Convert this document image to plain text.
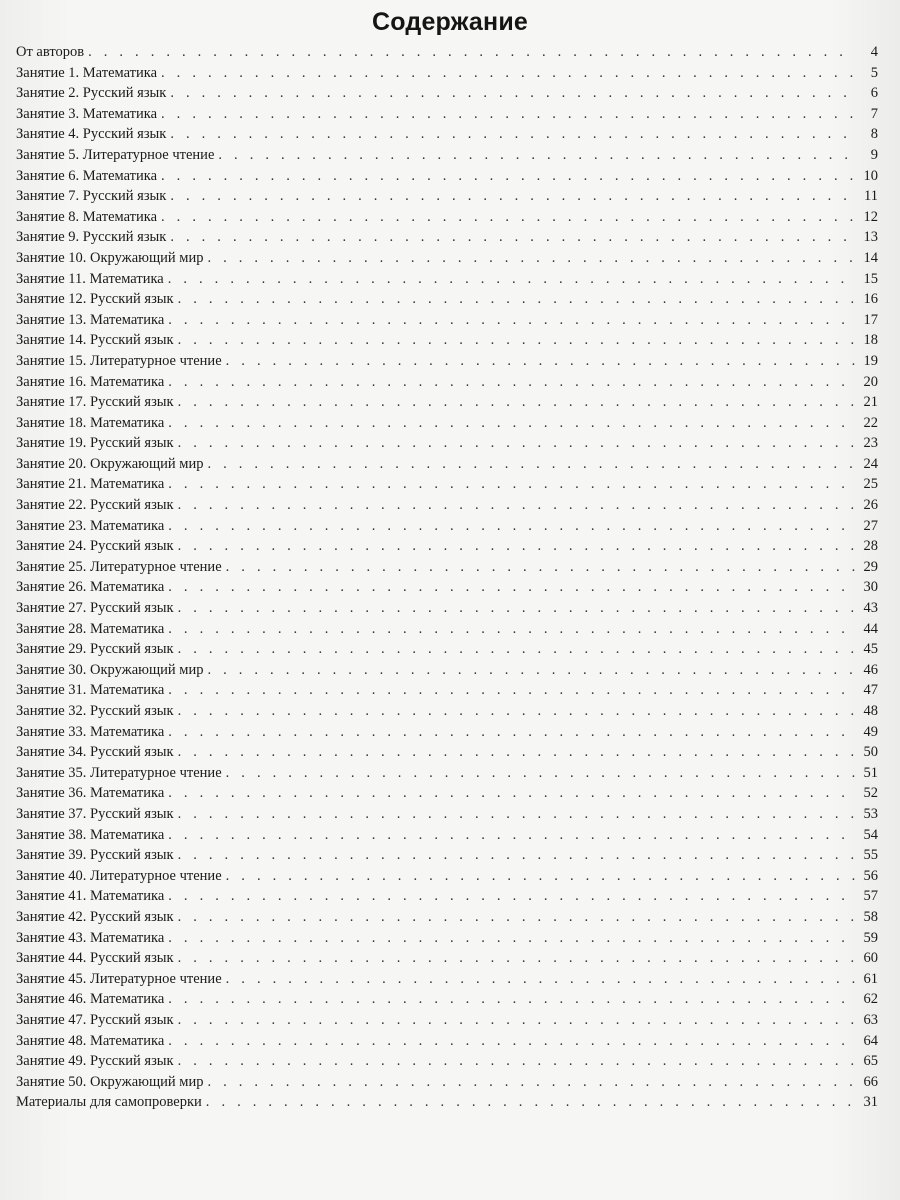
Содержание
От авторов . . .	4
Занятие 1. Математика . . .	5
Занятие 2. Русский язык . . .	6
Занятие 3. Математика . . .	7
Занятие 4. Русский язык . . .	8
Занятие 5. Литературное чтение . . .	9
Занятие 6. Математика . . .	10
Занятие 7. Русский язык . . .	11
Занятие 8. Математика . . .	12
Занятие 9. Русский язык . . .	13
Занятие 10. Окружающий мир . . .	14
Занятие 11. Математика . . .	15
Занятие 12. Русский язык . . .	16
Занятие 13. Математика . . .	17
Занятие 14. Русский язык . . .	18
Занятие 15. Литературное чтение . . .	19
Занятие 16. Математика . . .	20
Занятие 17. Русский язык . . .	21
Занятие 18. Математика . . .	22
Занятие 19. Русский язык . . .	23
Занятие 20. Окружающий мир . . .	24
Занятие 21. Математика . . .	25
Занятие 22. Русский язык . . .	26
Занятие 23. Математика . . .	27
Занятие 24. Русский язык . . .	28
Занятие 25. Литературное чтение . . .	29
Занятие 26. Математика . . .	30
Занятие 27. Русский язык . . .	43
Занятие 28. Математика . . .	44
Занятие 29. Русский язык . . .	45
Занятие 30. Окружающий мир . . .	46
Занятие 31. Математика . . .	47
Занятие 32. Русский язык . . .	48
Занятие 33. Математика . . .	49
Занятие 34. Русский язык . . .	50
Занятие 35. Литературное чтение . . .	51
Занятие 36. Математика . . .	52
Занятие 37. Русский язык . . .	53
Занятие 38. Математика . . .	54
Занятие 39. Русский язык . . .	55
Занятие 40. Литературное чтение . . .	56
Занятие 41. Математика . . .	57
Занятие 42. Русский язык . . .	58
Занятие 43. Математика . . .	59
Занятие 44. Русский язык . . .	60
Занятие 45. Литературное чтение . . .	61
Занятие 46. Математика . . .	62
Занятие 47. Русский язык . . .	63
Занятие 48. Математика . . .	64
Занятие 49. Русский язык . . .	65
Занятие 50. Окружающий мир . . .	66
Материалы для самопроверки . . .	31
